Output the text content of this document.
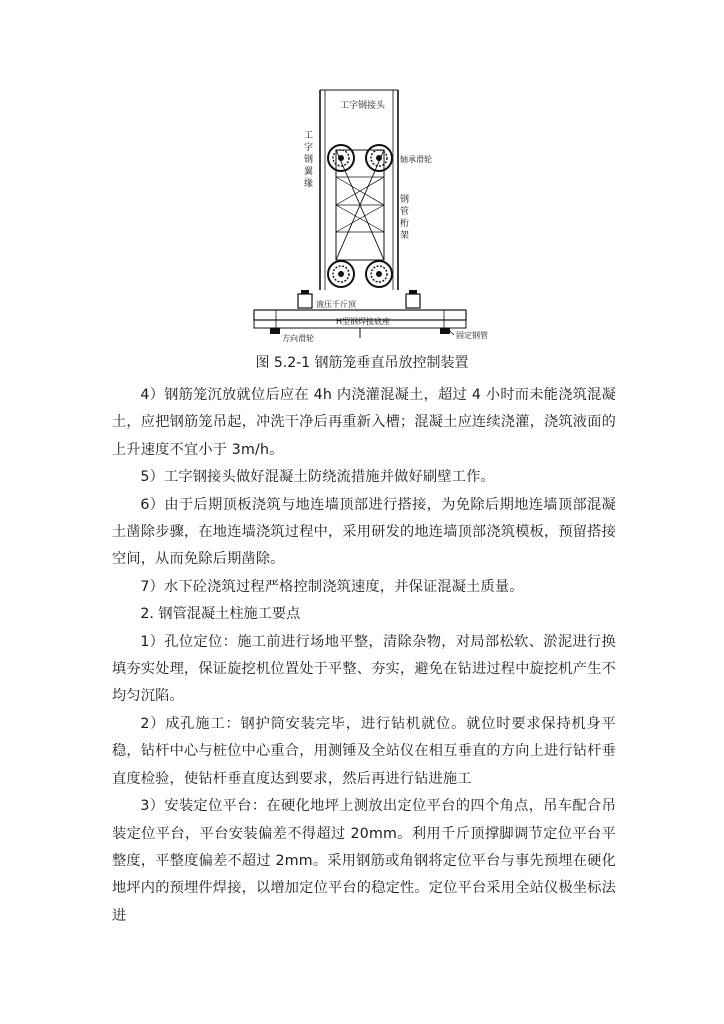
工字钢接头
工
字
钢
翼
缘
轴承滑轮
钢
管
桁
架
液压千斤顶
H型钢焊接底座
方向滑轮	固定钢管
图 5.2-1 钢筋笼垂直吊放控制装置

4）钢筋笼沉放就位后应在 4h 内浇灌混凝土，超过 4 小时而未能浇筑混凝土，应把钢筋笼吊起，冲洗干净后再重新入槽；混凝土应连续浇灌，浇筑液面的上升速度不宜小于 3m/h。

5）工字钢接头做好混凝土防绕流措施并做好刷壁工作。

6）由于后期顶板浇筑与地连墙顶部进行搭接，为免除后期地连墙顶部混凝土凿除步骤，在地连墙浇筑过程中，采用研发的地连墙顶部浇筑模板，预留搭接空间，从而免除后期凿除。

7）水下砼浇筑过程严格控制浇筑速度，并保证混凝土质量。

2. 钢管混凝土柱施工要点

1）孔位定位：施工前进行场地平整，清除杂物，对局部松软、淤泥进行换填夯实处理，保证旋挖机位置处于平整、夯实，避免在钻进过程中旋挖机产生不均匀沉陷。

2）成孔施工：钢护筒安装完毕，进行钻机就位。就位时要求保持机身平稳，钻杆中心与桩位中心重合，用测锤及全站仪在相互垂直的方向上进行钻杆垂直度检验，使钻杆垂直度达到要求，然后再进行钻进施工

3）安装定位平台：在硬化地坪上测放出定位平台的四个角点，吊车配合吊装定位平台，平台安装偏差不得超过 20mm。利用千斤顶撑脚调节定位平台平整度，平整度偏差不超过 2mm。采用钢筋或角钢将定位平台与事先预埋在硬化地坪内的预埋件焊接，以增加定位平台的稳定性。定位平台采用全站仪极坐标法进
